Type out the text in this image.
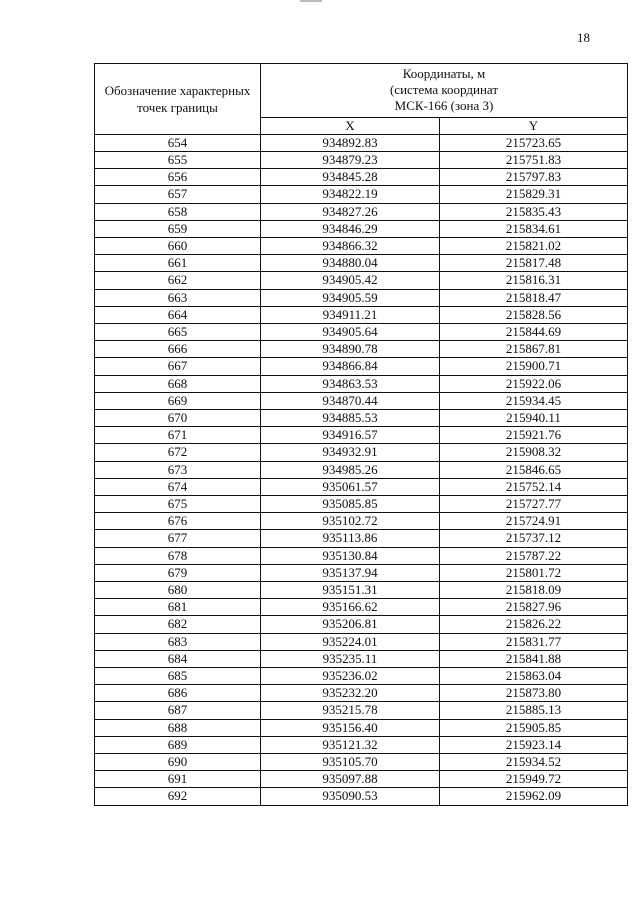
18
Обозначение характерных точек границы	Координаты, м	
	(система координат	
	МСК-166 (зона 3)	
	X	Y
654	934892.83	215723.65
655	934879.23	215751.83
656	934845.28	215797.83
657	934822.19	215829.31
658	934827.26	215835.43
659	934846.29	215834.61
660	934866.32	215821.02
661	934880.04	215817.48
662	934905.42	215816.31
663	934905.59	215818.47
664	934911.21	215828.56
665	934905.64	215844.69
666	934890.78	215867.81
667	934866.84	215900.71
668	934863.53	215922.06
669	934870.44	215934.45
670	934885.53	215940.11
671	934916.57	215921.76
672	934932.91	215908.32
673	934985.26	215846.65
674	935061.57	215752.14
675	935085.85	215727.77
676	935102.72	215724.91
677	935113.86	215737.12
678	935130.84	215787.22
679	935137.94	215801.72
680	935151.31	215818.09
681	935166.62	215827.96
682	935206.81	215826.22
683	935224.01	215831.77
684	935235.11	215841.88
685	935236.02	215863.04
686	935232.20	215873.80
687	935215.78	215885.13
688	935156.40	215905.85
689	935121.32	215923.14
690	935105.70	215934.52
691	935097.88	215949.72
692	935090.53	215962.09
